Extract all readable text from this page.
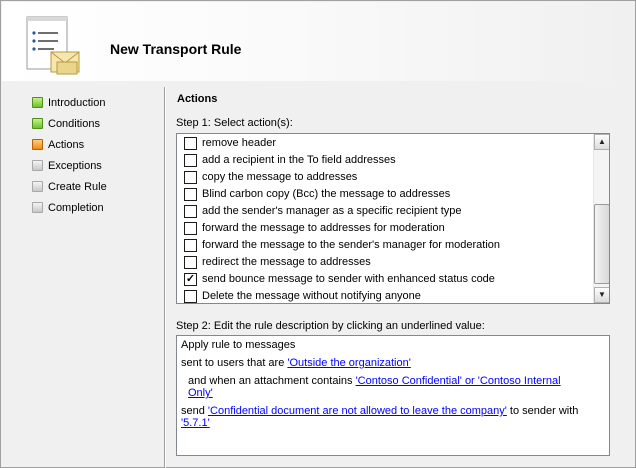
New Transport Rule
Introduction
Conditions
Actions
Exceptions
Create Rule
Completion
Actions
Step 1: Select action(s):
remove header
add a recipient in the To field addresses
copy the message to addresses
Blind carbon copy (Bcc) the message to addresses
add the sender's manager as a specific recipient type
forward the message to addresses for moderation
forward the message to the sender's manager for moderation
redirect the message to addresses
✓ send bounce message to sender with enhanced status code
Delete the message without notifying anyone
▲
▼
Step 2: Edit the rule description by clicking an underlined value:
Apply rule to messages
sent to users that are 'Outside the organization'
and when an attachment contains 'Contoso Confidential' or 'Contoso Internal
Only'
send 'Confidential document are not allowed to leave the company' to sender with
'5.7.1'
